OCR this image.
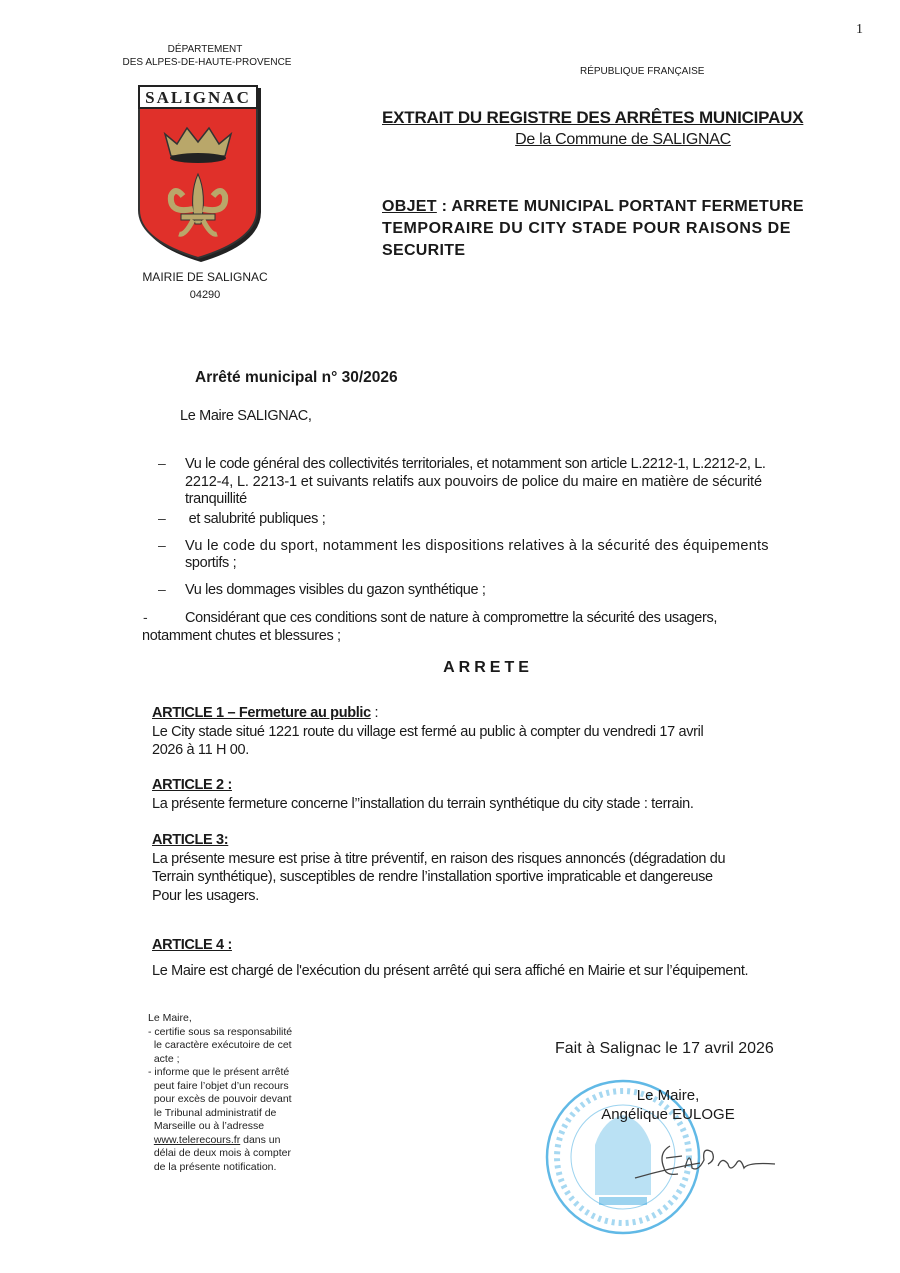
1
DÉPARTEMENT
DES ALPES-DE-HAUTE-PROVENCE
SALIGNAC
MAIRIE DE SALIGNAC
04290
RÉPUBLIQUE FRANÇAISE
EXTRAIT DU REGISTRE DES ARRÊTES MUNICIPAUX
De la Commune de SALIGNAC
OBJET : ARRETE MUNICIPAL PORTANT FERMETURE
TEMPORAIRE DU CITY STADE POUR RAISONS DE
SECURITE
Arrêté municipal n° 30/2026
Le Maire SALIGNAC,
– Vu le code général des collectivités territoriales, et notamment son article L.2212-1, L.2212-2, L.
2212-4, L. 2213-1 et suivants relatifs aux pouvoirs de police du maire en matière de sécurité
tranquillité
– et salubrité publiques ;
– Vu le code du sport, notamment les dispositions relatives à la sécurité des équipements
sportifs ;
– Vu les dommages visibles du gazon synthétique ;
-	Considérant que ces conditions sont de nature à compromettre la sécurité des usagers,
notamment chutes et blessures ;
ARRETE
ARTICLE 1 – Fermeture au public :
Le City stade situé 1221 route du village est fermé au public à compter du vendredi 17 avril
2026 à 11 H 00.
ARTICLE 2 :
La présente fermeture concerne l’’installation du terrain synthétique du city stade : terrain.
ARTICLE 3:
La présente mesure est prise à titre préventif, en raison des risques annoncés (dégradation du
Terrain synthétique), susceptibles de rendre l’installation sportive impraticable et dangereuse
Pour les usagers.
ARTICLE 4 :
Le Maire est chargé de l'exécution du présent arrêté qui sera affiché en Mairie et sur l’équipement.
Le Maire,
- certifie sous sa responsabilité
le caractère exécutoire de cet
acte ;
- informe que le présent arrêté
peut faire l’objet d’un recours
pour excès de pouvoir devant
le Tribunal administratif de
Marseille ou à l’adresse
www.telerecours.fr dans un
délai de deux mois à compter
de la présente notification.
Fait à Salignac le 17 avril 2026
Le Maire,
Angélique EULOGE
